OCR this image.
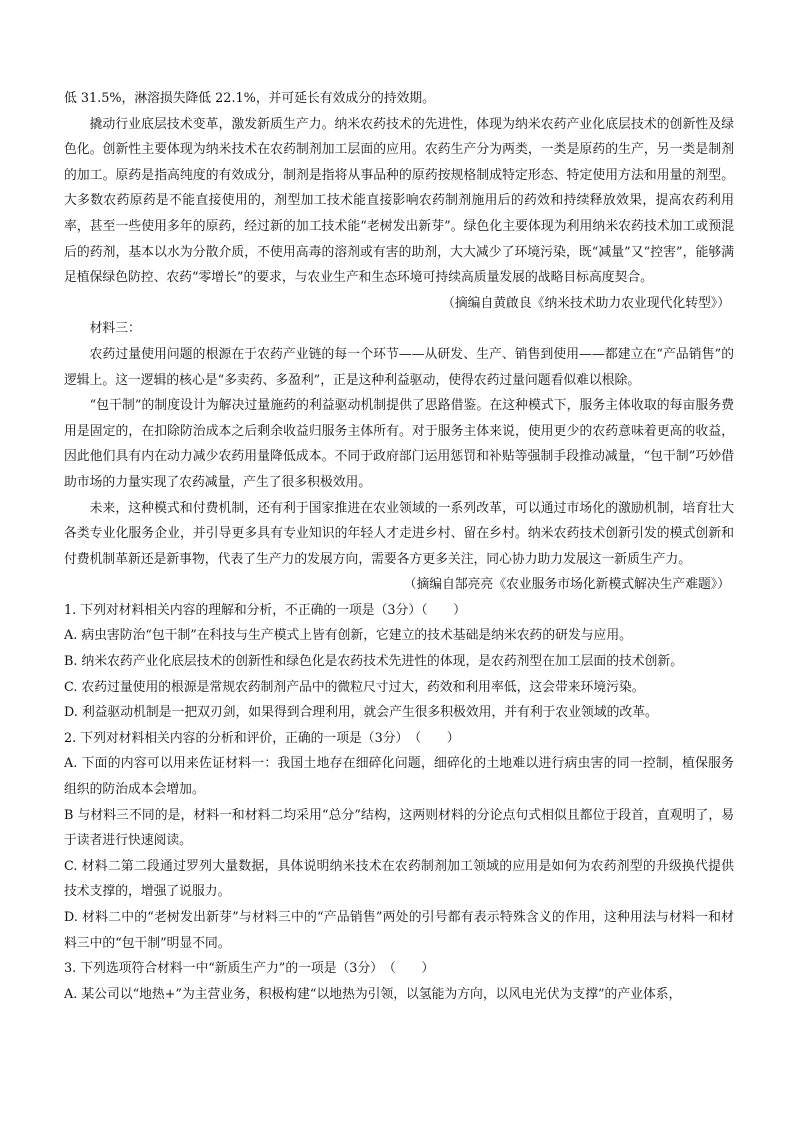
低 31.5%，淋溶损失降低 22.1%，并可延长有效成分的持效期。

撬动行业底层技术变革，激发新质生产力。纳米农药技术的先进性，体现为纳米农药产业化底层技术的创新性及绿色化。创新性主要体现为纳米技术在农药制剂加工层面的应用。农药生产分为两类，一类是原药的生产，另一类是制剂的加工。原药是指高纯度的有效成分，制剂是指将从事品种的原药按规格制成特定形态、特定使用方法和用量的剂型。大多数农药原药是不能直接使用的，剂型加工技术能直接影响农药制剂施用后的药效和持续释放效果，提高农药利用率，甚至一些使用多年的原药，经过新的加工技术能“老树发出新芽”。绿色化主要体现为利用纳米农药技术加工或预混后的药剂，基本以水为分散介质，不使用高毒的溶剂或有害的助剂，大大减少了环境污染，既“减量”又“控害”，能够满足植保绿色防控、农药“零增长”的要求，与农业生产和生态环境可持续高质量发展的战略目标高度契合。

（摘编自黄啟良《纳米技术助力农业现代化转型》）

材料三：

农药过量使用问题的根源在于农药产业链的每一个环节——从研发、生产、销售到使用——都建立在“产品销售”的逻辑上。这一逻辑的核心是“多卖药、多盈利”，正是这种利益驱动，使得农药过量问题看似难以根除。

“包干制”的制度设计为解决过量施药的利益驱动机制提供了思路借鉴。在这种模式下，服务主体收取的每亩服务费用是固定的，在扣除防治成本之后剩余收益归服务主体所有。对于服务主体来说，使用更少的农药意味着更高的收益，因此他们具有内在动力减少农药用量降低成本。不同于政府部门运用惩罚和补贴等强制手段推动减量，“包干制”巧妙借助市场的力量实现了农药减量，产生了很多积极效用。

未来，这种模式和付费机制，还有利于国家推进在农业领域的一系列改革，可以通过市场化的激励机制，培育壮大各类专业化服务企业，并引导更多具有专业知识的年轻人才走进乡村、留在乡村。纳米农药技术创新引发的模式创新和付费机制革新还是新事物，代表了生产力的发展方向，需要各方更多关注，同心协力助力发展这一新质生产力。

（摘编自郜亮亮《农业服务市场化新模式解决生产难题》）

1. 下列对材料相关内容的理解和分析，不正确的一项是（3分）（　　）

A. 病虫害防治“包干制”在科技与生产模式上皆有创新，它建立的技术基础是纳米农药的研发与应用。

B. 纳米农药产业化底层技术的创新性和绿色化是农药技术先进性的体现，是农药剂型在加工层面的技术创新。

C. 农药过量使用的根源是常规农药制剂产品中的微粒尺寸过大，药效和利用率低，这会带来环境污染。

D. 利益驱动机制是一把双刃剑，如果得到合理利用，就会产生很多积极效用，并有利于农业领域的改革。

2. 下列对材料相关内容的分析和评价，正确的一项是（3分）　（　　）

A. 下面的内容可以用来佐证材料一：我国土地存在细碎化问题，细碎化的土地难以进行病虫害的同一控制，植保服务组织的防治成本会增加。

B 与材料三不同的是，材料一和材料二均采用“总分”结构，这两则材料的分论点句式相似且都位于段首，直观明了，易于读者进行快速阅读。

C. 材料二第二段通过罗列大量数据，具体说明纳米技术在农药制剂加工领域的应用是如何为农药剂型的升级换代提供技术支撑的，增强了说服力。

D. 材料二中的“老树发出新芽”与材料三中的“产品销售”两处的引号都有表示特殊含义的作用，这种用法与材料一和材料三中的“包干制”明显不同。

3. 下列选项符合材料一中“新质生产力”的一项是（3分）　（　　）

A. 某公司以“地热+”为主营业务，积极构建“以地热为引领，以氢能为方向，以风电光伏为支撑”的产业体系，
